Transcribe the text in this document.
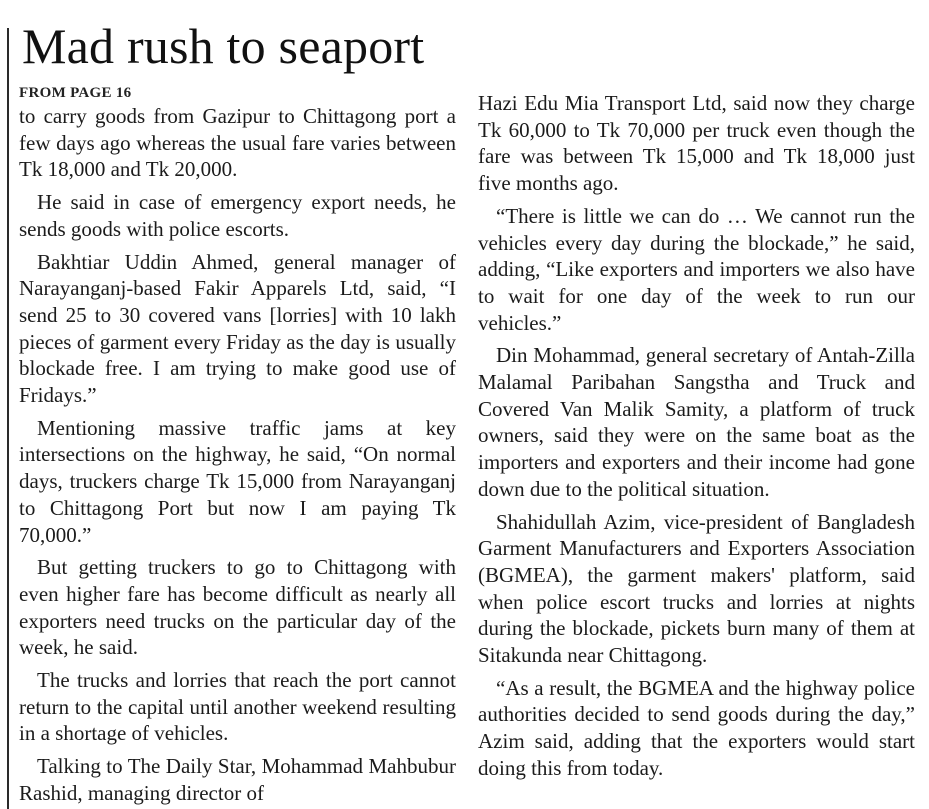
Mad rush to seaport

FROM PAGE 16

to carry goods from Gazipur to Chittagong port a few days ago whereas the usual fare varies between Tk 18,000 and Tk 20,000.

He said in case of emergency export needs, he sends goods with police escorts.

Bakhtiar Uddin Ahmed, general manager of Narayanganj-based Fakir Apparels Ltd, said, “I send 25 to 30 covered vans [lorries] with 10 lakh pieces of garment every Friday as the day is usually blockade free. I am trying to make good use of Fridays.”

Mentioning massive traffic jams at key intersections on the highway, he said, “On normal days, truckers charge Tk 15,000 from Narayanganj to Chittagong Port but now I am paying Tk 70,000.”

But getting truckers to go to Chittagong with even higher fare has become difficult as nearly all exporters need trucks on the particular day of the week, he said.

The trucks and lorries that reach the port cannot return to the capital until another weekend resulting in a shortage of vehicles.

Talking to The Daily Star, Mohammad Mahbubur Rashid, managing director of

Hazi Edu Mia Transport Ltd, said now they charge Tk 60,000 to Tk 70,000 per truck even though the fare was between Tk 15,000 and Tk 18,000 just five months ago.

“There is little we can do … We cannot run the vehicles every day during the blockade,” he said, adding, “Like exporters and importers we also have to wait for one day of the week to run our vehicles.”

Din Mohammad, general secretary of Antah-Zilla Malamal Paribahan Sangstha and Truck and Covered Van Malik Samity, a platform of truck owners, said they were on the same boat as the importers and exporters and their income had gone down due to the political situation.

Shahidullah Azim, vice-president of Bangladesh Garment Manufacturers and Exporters Association (BGMEA), the garment makers' platform, said when police escort trucks and lorries at nights during the blockade, pickets burn many of them at Sitakunda near Chittagong.

“As a result, the BGMEA and the highway police authorities decided to send goods during the day,” Azim said, adding that the exporters would start doing this from today.
